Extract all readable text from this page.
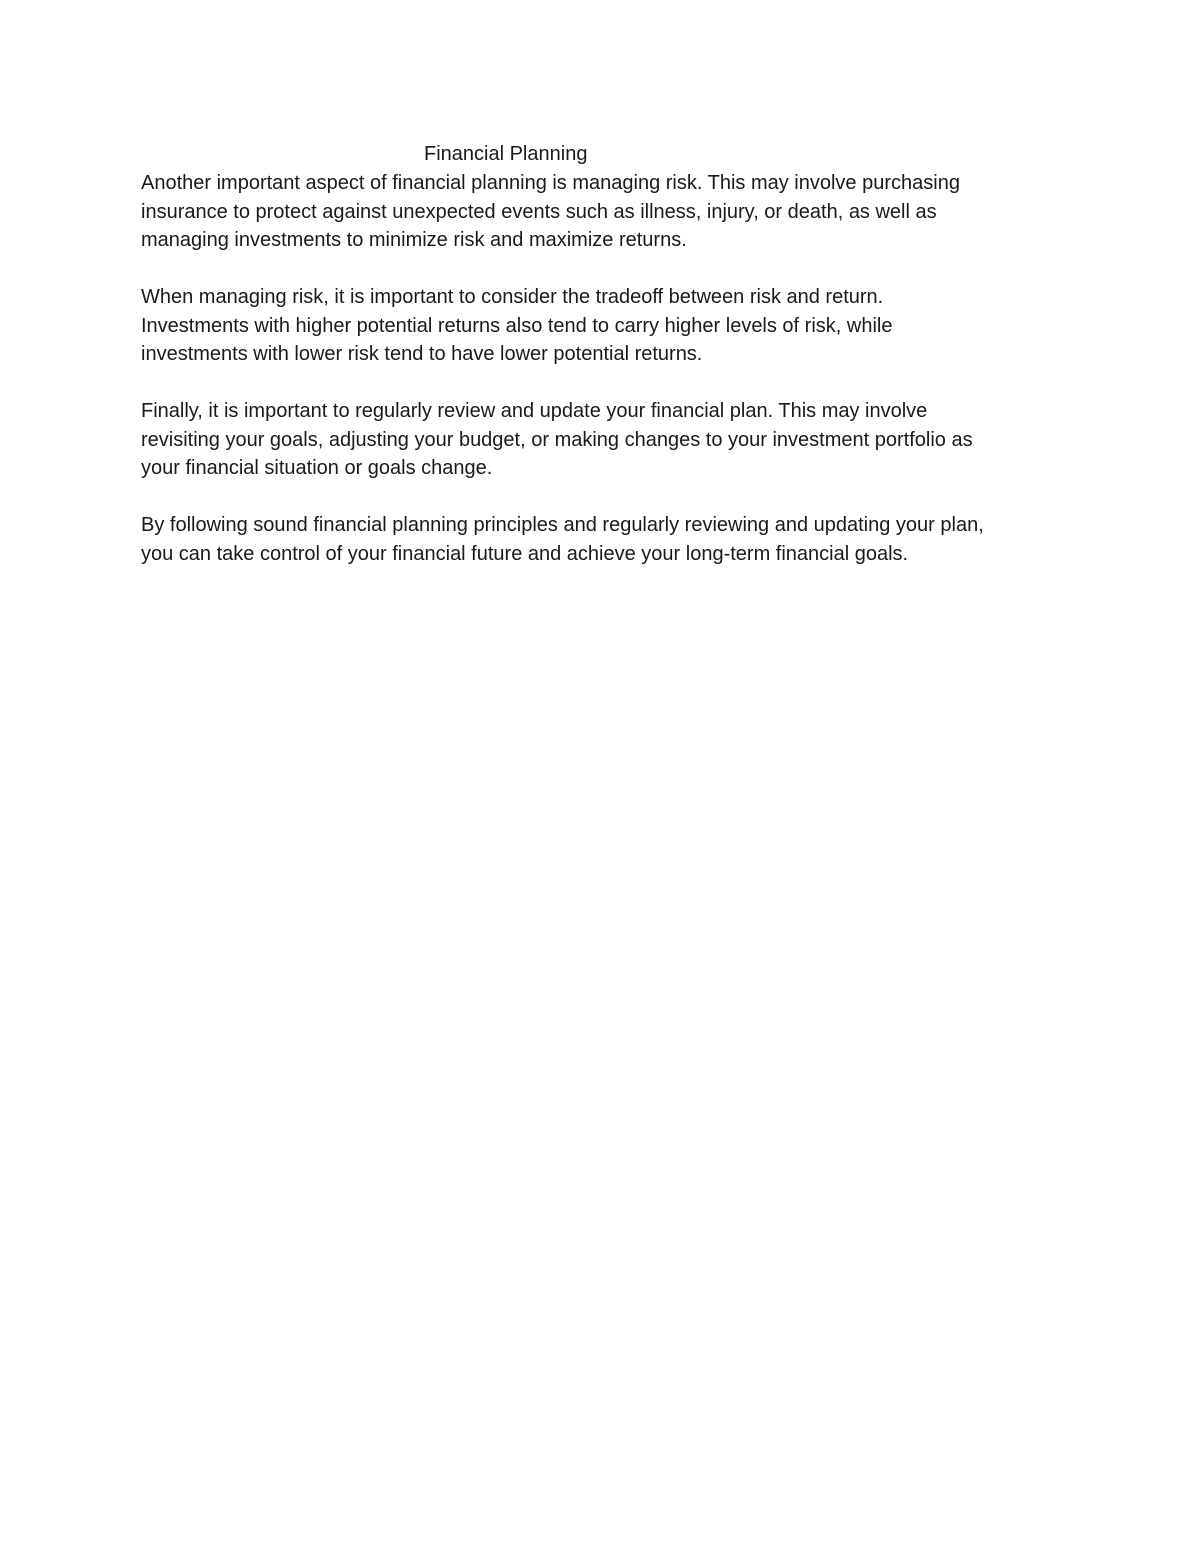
Financial Planning

Another important aspect of financial planning is managing risk. This may involve purchasing
insurance to protect against unexpected events such as illness, injury, or death, as well as
managing investments to minimize risk and maximize returns.

When managing risk, it is important to consider the tradeoff between risk and return.
Investments with higher potential returns also tend to carry higher levels of risk, while
investments with lower risk tend to have lower potential returns.

Finally, it is important to regularly review and update your financial plan. This may involve
revisiting your goals, adjusting your budget, or making changes to your investment portfolio as
your financial situation or goals change.

By following sound financial planning principles and regularly reviewing and updating your plan,
you can take control of your financial future and achieve your long-term financial goals.
